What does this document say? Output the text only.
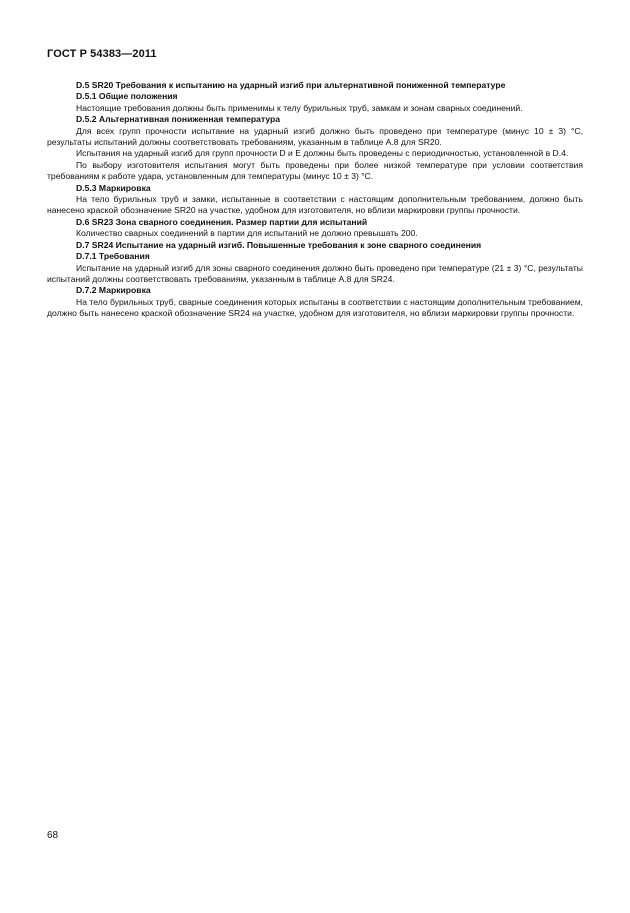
ГОСТ Р 54383—2011
D.5 SR20 Требования к испытанию на ударный изгиб при альтернативной пониженной температуре
D.5.1 Общие положения
Настоящие требования должны быть применимы к телу бурильных труб, замкам и зонам сварных соединений.
D.5.2 Альтернативная пониженная температура
Для всех групп прочности испытание на ударный изгиб должно быть проведено при температуре (минус 10 ± 3) °С, результаты испытаний должны соответствовать требованиям, указанным в таблице А.8 для SR20.
Испытания на ударный изгиб для групп прочности D и Е должны быть проведены с периодичностью, установленной в D.4.
По выбору изготовителя испытания могут быть проведены при более низкой температуре при условии соответствия требованиям к работе удара, установленным для температуры (минус 10 ± 3) °С.
D.5.3 Маркировка
На тело бурильных труб и замки, испытанные в соответствии с настоящим дополнительным требованием, должно быть нанесено краской обозначение SR20 на участке, удобном для изготовителя, но вблизи маркировки группы прочности.
D.6 SR23 Зона сварного соединения. Размер партии для испытаний
Количество сварных соединений в партии для испытаний не должно превышать 200.
D.7 SR24 Испытание на ударный изгиб. Повышенные требования к зоне сварного соединения
D.7.1 Требования
Испытание на ударный изгиб для зоны сварного соединения должно быть проведено при температуре (21 ± 3) °С, результаты испытаний должны соответствовать требованиям, указанным в таблице А.8 для SR24.
D.7.2 Маркировка
На тело бурильных труб, сварные соединения которых испытаны в соответствии с настоящим дополнительным требованием, должно быть нанесено краской обозначение SR24 на участке, удобном для изготовителя, но вблизи маркировки группы прочности.
68
